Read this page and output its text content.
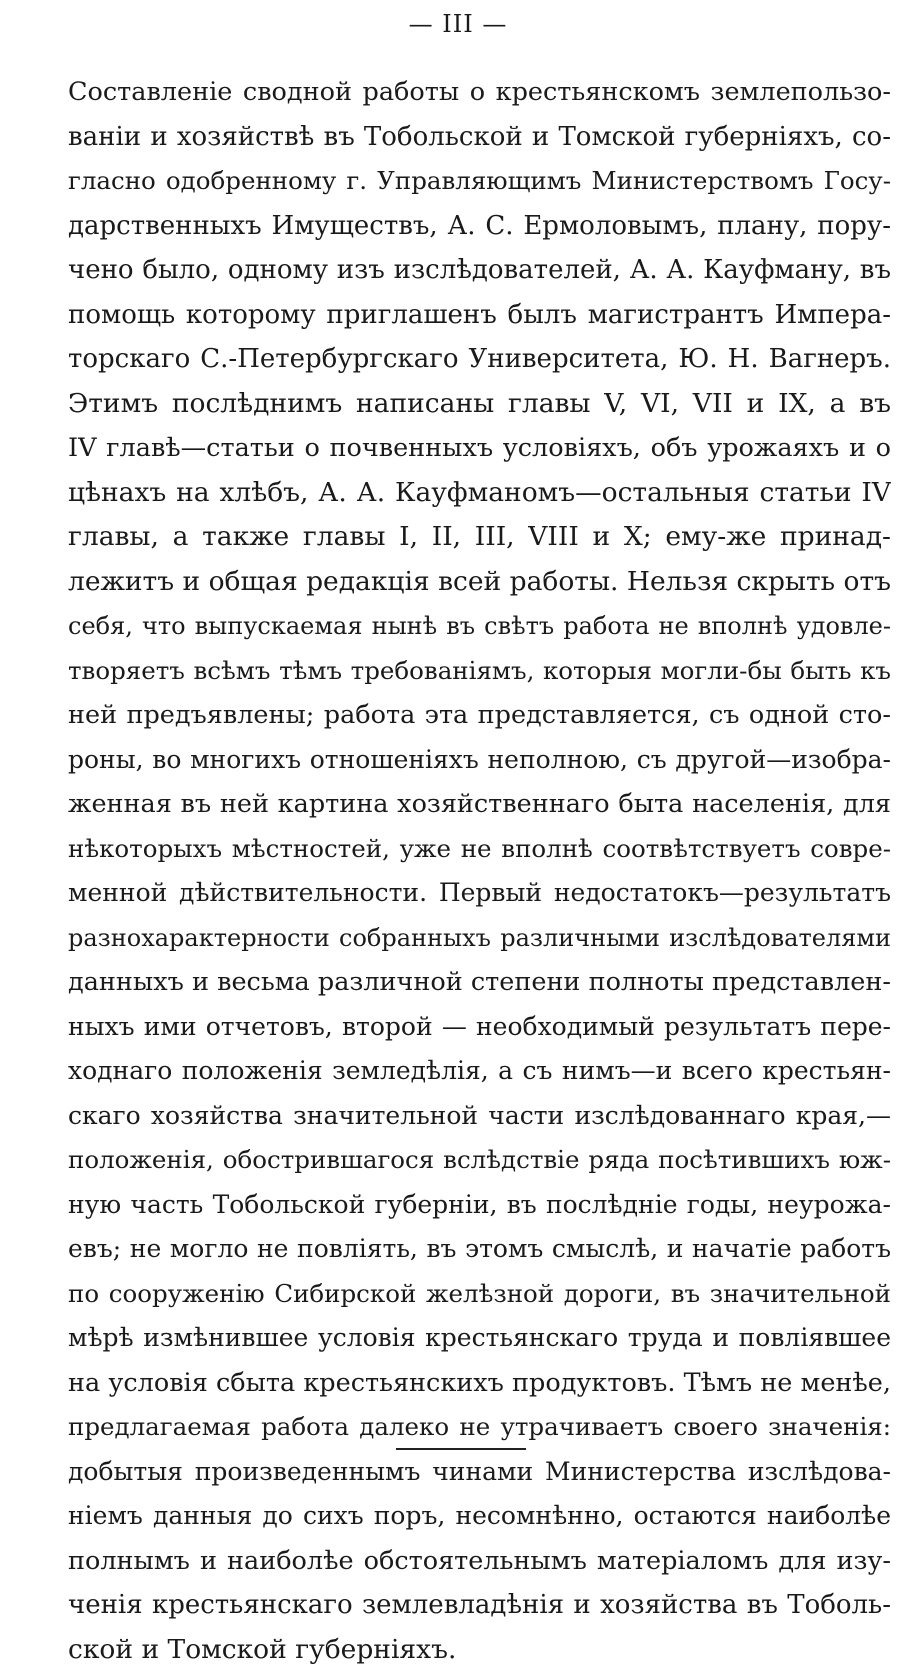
— III —
Составленіе сводной работы о крестьянскомъ землепользо-
ваніи и хозяйствѣ въ Тобольской и Томской губерніяхъ, со-
гласно одобренному г. Управляющимъ Министерствомъ Госу-
дарственныхъ Имуществъ, А. С. Ермоловымъ, плану, пору-
чено было, одному изъ изслѣдователей, А. А. Кауфману, въ
помощь которому приглашенъ былъ магистрантъ Импера-
торскаго С.-Петербургскаго Университета, Ю. Н. Вагнеръ.
Этимъ послѣднимъ написаны главы V, VI, VII и IX, а въ
IV главѣ—статьи о почвенныхъ условіяхъ, объ урожаяхъ и о
цѣнахъ на хлѣбъ, А. А. Кауфманомъ—остальныя статьи IV
главы, а также главы I, II, III, VIII и X; ему-же принад-
лежитъ и общая редакція всей работы. Нельзя скрыть отъ
себя, что выпускаемая нынѣ въ свѣтъ работа не вполнѣ удовле-
творяетъ всѣмъ тѣмъ требованіямъ, которыя могли-бы быть къ
ней предъявлены; работа эта представляется, съ одной сто-
роны, во многихъ отношеніяхъ неполною, съ другой—изобра-
женная въ ней картина хозяйственнаго быта населенія, для
нѣкоторыхъ мѣстностей, уже не вполнѣ соотвѣтствуетъ совре-
менной дѣйствительности. Первый недостатокъ—результатъ
разнохарактерности собранныхъ различными изслѣдователями
данныхъ и весьма различной степени полноты представлен-
ныхъ ими отчетовъ, второй — необходимый результатъ пере-
ходнаго положенія земледѣлія, а съ нимъ—и всего крестьян-
скаго хозяйства значительной части изслѣдованнаго края,—
положенія, обострившагося вслѣдствіе ряда посѣтившихъ юж-
ную часть Тобольской губерніи, въ послѣдніе годы, неурожа-
евъ; не могло не повліять, въ этомъ смыслѣ, и начатіе работъ
по сооруженію Сибирской желѣзной дороги, въ значительной
мѣрѣ измѣнившее условія крестьянскаго труда и повліявшее
на условія сбыта крестьянскихъ продуктовъ. Тѣмъ не менѣе,
предлагаемая работа далеко не утрачиваетъ своего значенія:
добытыя произведеннымъ чинами Министерства изслѣдова-
ніемъ данныя до сихъ поръ, несомнѣнно, остаются наиболѣе
полнымъ и наиболѣе обстоятельнымъ матеріаломъ для изу-
ченія крестьянскаго землевладѣнія и хозяйства въ Тоболь-
ской и Томской губерніяхъ.
